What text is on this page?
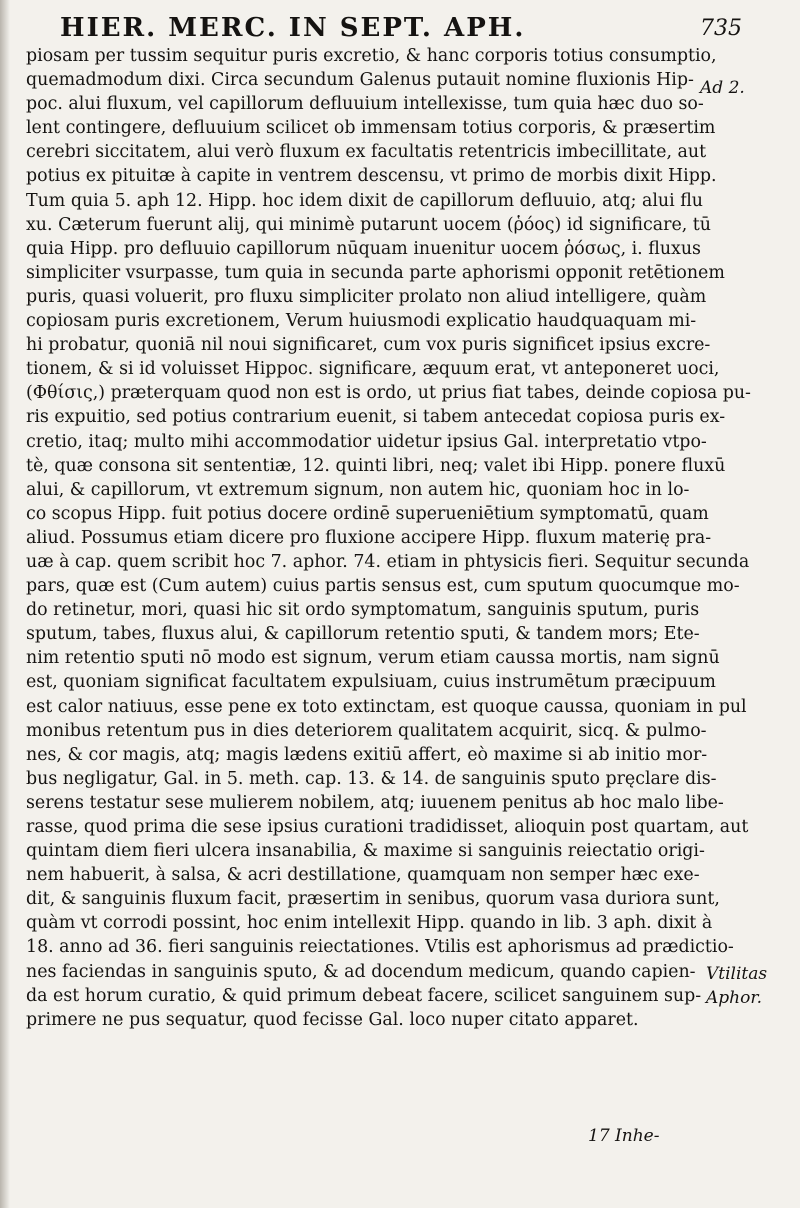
HIER. MERC. IN SEPT. APH.	735
piosam per tussim sequitur puris excretio, & hanc corporis totius consumptio,
quemadmodum dixi. Circa secundum Galenus putauit nomine fluxionis Hip-
poc. alui fluxum, vel capillorum defluuium intellexisse, tum quia hæc duo so-
lent contingere, defluuium scilicet ob immensam totius corporis, & præsertim
cerebri siccitatem, alui verò fluxum ex facultatis retentricis imbecillitate, aut
potius ex pituitæ à capite in ventrem descensu, vt primo de morbis dixit Hipp.
Tum quia 5. aph 12. Hipp. hoc idem dixit de capillorum defluuio, atq; alui flu
xu. Cæterum fuerunt alij, qui minimè putarunt uocem (ῥόος) id significare, tū
quia Hipp. pro defluuio capillorum nūquam inuenitur uocem ῥόσως, i. fluxus
simpliciter vsurpasse, tum quia in secunda parte aphorismi opponit retētionem
puris, quasi voluerit, pro fluxu simpliciter prolato non aliud intelligere, quàm
copiosam puris excretionem, Verum huiusmodi explicatio haudquaquam mi-
hi probatur, quoniā nil noui significaret, cum vox puris significet ipsius excre-
tionem, & si id voluisset Hippoc. significare, æquum erat, vt anteponeret uoci,
(Φθίσις,) præterquam quod non est is ordo, ut prius fiat tabes, deinde copiosa pu-
ris expuitio, sed potius contrarium euenit, si tabem antecedat copiosa puris ex-
cretio, itaq; multo mihi accommodatior uidetur ipsius Gal. interpretatio vtpo-
tè, quæ consona sit sententiæ, 12. quinti libri, neq; valet ibi Hipp. ponere fluxū
alui, & capillorum, vt extremum signum, non autem hic, quoniam hoc in lo-
co scopus Hipp. fuit potius docere ordinē superueniētium symptomatū, quam
aliud. Possumus etiam dicere pro fluxione accipere Hipp. fluxum materię pra-
uæ à cap. quem scribit hoc 7. aphor. 74. etiam in phtysicis fieri. Sequitur secunda
pars, quæ est (Cum autem) cuius partis sensus est, cum sputum quocumque mo-
do retinetur, mori, quasi hic sit ordo symptomatum, sanguinis sputum, puris
sputum, tabes, fluxus alui, & capillorum retentio sputi, & tandem mors; Ete-
nim retentio sputi nō modo est signum, verum etiam caussa mortis, nam signū
est, quoniam significat facultatem expulsiuam, cuius instrumētum præcipuum
est calor natiuus, esse pene ex toto extinctam, est quoque caussa, quoniam in pul
monibus retentum pus in dies deteriorem qualitatem acquirit, sicq. & pulmo-
nes, & cor magis, atq; magis lædens exitiū affert, eò maxime si ab initio mor-
bus negligatur, Gal. in 5. meth. cap. 13. & 14. de sanguinis sputo pręclare dis-
serens testatur sese mulierem nobilem, atq; iuuenem penitus ab hoc malo libe-
rasse, quod prima die sese ipsius curationi tradidisset, alioquin post quartam, aut
quintam diem fieri ulcera insanabilia, & maxime si sanguinis reiectatio origi-
nem habuerit, à salsa, & acri destillatione, quamquam non semper hæc exe-
dit, & sanguinis fluxum facit, præsertim in senibus, quorum vasa duriora sunt,
quàm vt corrodi possint, hoc enim intellexit Hipp. quando in lib. 3 aph. dixit à
18. anno ad 36. fieri sanguinis reiectationes. Vtilis est aphorismus ad prædictio-
nes faciendas in sanguinis sputo, & ad docendum medicum, quando capien-
da est horum curatio, & quid primum debeat facere, scilicet sanguinem sup-
primere ne pus sequatur, quod fecisse Gal. loco nuper citato apparet.
Ad 2.
Vtilitas
Aphor.
17 Inhe-
